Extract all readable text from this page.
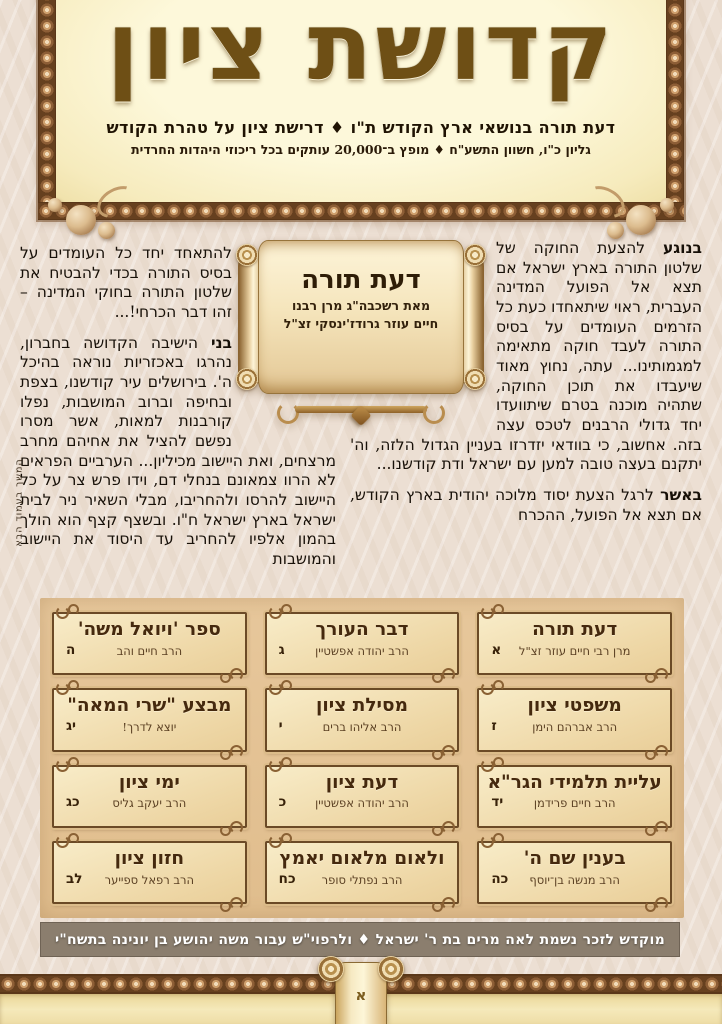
קדושת ציון
דעת תורה בנושאי ארץ הקודש ת"ו ♦ דרישת ציון על טהרת הקודש
גליון כ"ו, חשוון התשע"ח ♦ מופץ ב־20,000 עותקים בכל ריכוזי היהדות החרדית
דעת תורה
מאת רשכבה"ג מרן רבנו
חיים עוזר גרודז'ינסקי זצ"ל

בנוגע להצעת החוקה של שלטון התורה בארץ ישראל אם תצא אל הפועל המדינה העברית, ראוי שיתאחדו כעת כל הזרמים העומדים על בסיס התורה לעבד חוקה מתאימה למגמותינו... עתה, נחוץ מאוד שיעבדו את תוכן החוקה, שתהיה מוכנה בטרם שיתוועדו יחד גדולי הרבנים לטכס עצה בזה. אחשוב, כי בוודאי יזדרזו בעניין הגדול הלזה, וה' יתקנם בעצה טובה למען עם ישראל ודת קודשנו...

באשר לרגל הצעת יסוד מלוכה יהודית בארץ הקודש, אם תצא אל הפועל, ההכרח

להתאחד יחד כל העומדים על בסיס התורה בכדי להבטיח את שלטון התורה בחוקי המדינה – זהו דבר הכרחי!...

בני הישיבה הקדושה בחברון, נהרגו באכזריות נוראה בהיכל ה'. בירושלים עיר קודשנו, בצפת ובחיפה וברוב המושבות, נפלו קורבנות למאות, אשר מסרו נפשם להציל את אחיהם מחרב מרצחים, ואת היישוב מכיליון... הערביים הפראים לא הרוו צמאונם בנחלי דם, וידו פרש צר על כל היישוב להרסו ולהחריבו, מבלי השאיר ניר לבית ישראל בארץ ישראל ח"ו. ובשצף קצף הוא הולך בהמון אלפיו להחריב עד היסוד את היישוב והמושבות

המשך בעמוד הבא
דעת תורה
מרן רבי חיים עוזר זצ"ל
א
דבר העורך
הרב יהודה אפשטיין
ג
ספר 'ויואל משה'
הרב חיים והב
ה
משפטי ציון
הרב אברהם הימן
ז
מסילת ציון
הרב אליהו ברים
י
מבצע "שרי המאה"
יוצא לדרך!
יג
עליית תלמידי הגר"א
הרב חיים פרידמן
יד
דעת ציון
הרב יהודה אפשטיין
כ
ימי ציון
הרב יעקב גליס
כג
בענין שם ה'
הרב מנשה בן־יוסף
כה
ולאום מלאום יאמץ
הרב נפתלי סופר
כח
חזון ציון
הרב רפאל ספייער
לב
מוקדש לזכר נשמת לאה מרים בת ר' ישראל ♦ ולרפוי"ש עבור משה יהושע בן יונינה בתשח"י
א
